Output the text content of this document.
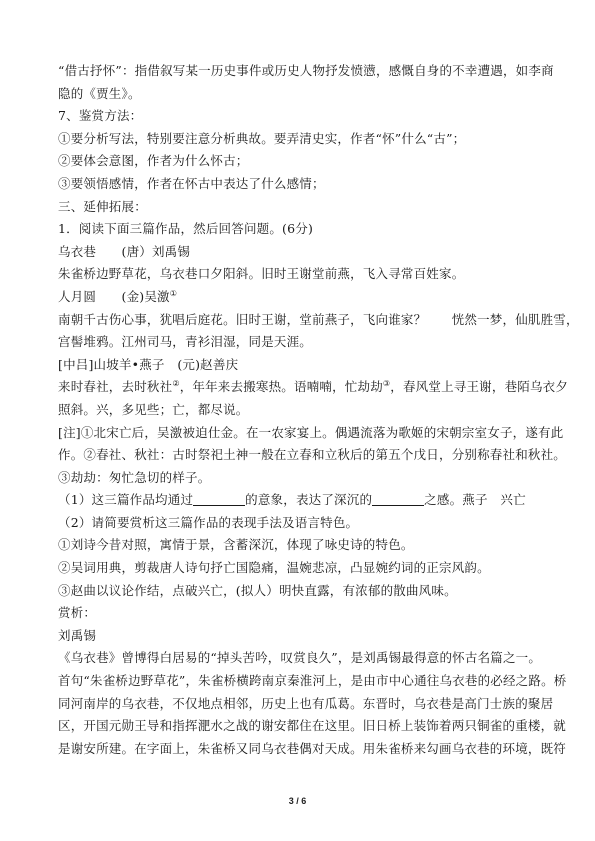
“借古抒怀”：指借叙写某一历史事件或历史人物抒发愤懑，感慨自身的不幸遭遇，如李商
隐的《贾生》。
7、鉴赏方法：
①要分析写法，特别要注意分析典故。要弄清史实，作者“怀”什么“古”；
②要体会意图，作者为什么怀古；
③要领悟感情，作者在怀古中表达了什么感情；
三、延伸拓展：
1．阅读下面三篇作品，然后回答问题。(6分)
乌衣巷　　(唐）刘禹锡
朱雀桥边野草花，乌衣巷口夕阳斜。旧时王谢堂前燕，飞入寻常百姓家。
人月圆　　(金)吴激①
南朝千古伤心事，犹唱后庭花。旧时王谢，堂前燕子，飞向谁家？　　恍然一梦，仙肌胜雪，
宫髻堆鸦。江州司马，青衫泪湿，同是天涯。
[中吕]山坡羊•燕子　(元)赵善庆
来时春社，去时秋社②，年年来去搬寒热。语喃喃，忙劫劫③，春风堂上寻王谢，巷陌乌衣夕
照斜。兴，多见些；亡，都尽说。
[注]①北宋亡后，吴激被迫仕金。在一农家宴上。偶遇流落为歌姬的宋朝宗室女子，遂有此
作。②春社、秋社：古时祭祀土神一般在立春和立秋后的第五个戊日，分别称春社和秋社。
③劫劫：匆忙急切的样子。
（1）这三篇作品均通过	的意象，表达了深沉的	之感。燕子　兴亡
（2）请简要赏析这三篇作品的表现手法及语言特色。
①刘诗今昔对照，寓情于景，含蓄深沉，体现了咏史诗的特色。
②吴词用典，剪裁唐人诗句抒亡国隐痛，温婉悲凉，凸显婉约词的正宗风韵。
③赵曲以议论作结，点破兴亡，(拟人）明快直露，有浓郁的散曲风味。
赏析：
刘禹锡
《乌衣巷》曾博得白居易的“掉头苦吟，叹赏良久”，是刘禹锡最得意的怀古名篇之一。
首句“朱雀桥边野草花”，朱雀桥横跨南京秦淮河上，是由市中心通往乌衣巷的必经之路。桥
同河南岸的乌衣巷，不仅地点相邻，历史上也有瓜葛。东晋时，乌衣巷是高门士族的聚居
区，开国元勋王导和指挥淝水之战的谢安都住在这里。旧日桥上装饰着两只铜雀的重楼，就
是谢安所建。在字面上，朱雀桥又同乌衣巷偶对天成。用朱雀桥来勾画乌衣巷的环境，既符
3 / 6
